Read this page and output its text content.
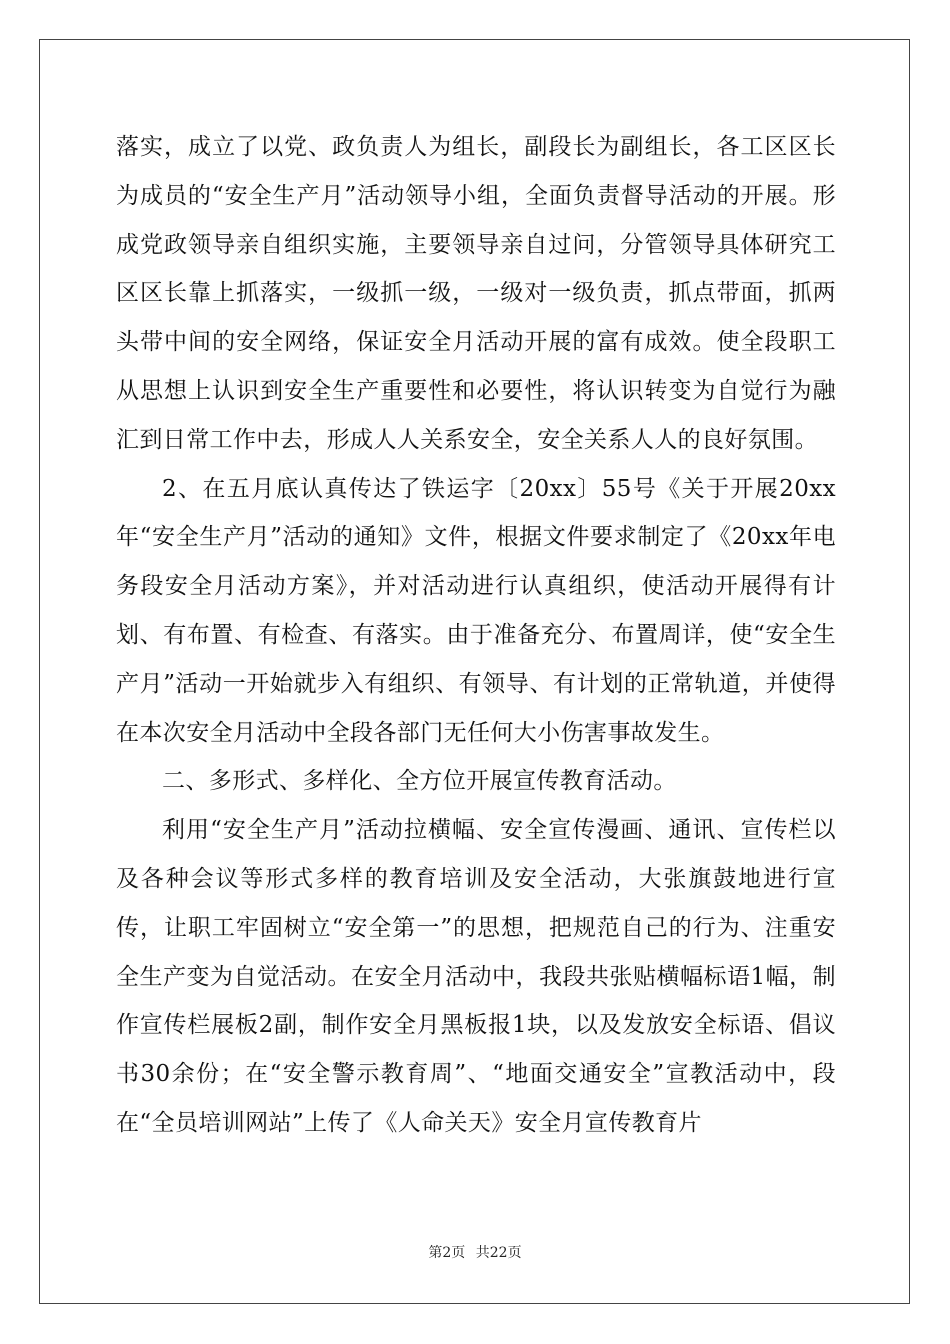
落实，成立了以党、政负责人为组长，副段长为副组长，各工区区长为成员的“安全生产月”活动领导小组，全面负责督导活动的开展。形成党政领导亲自组织实施，主要领导亲自过问，分管领导具体研究工区区长靠上抓落实，一级抓一级，一级对一级负责，抓点带面，抓两头带中间的安全网络，保证安全月活动开展的富有成效。使全段职工从思想上认识到安全生产重要性和必要性，将认识转变为自觉行为融汇到日常工作中去，形成人人关系安全，安全关系人人的良好氛围。

2、在五月底认真传达了铁运字〔20xx〕55号《关于开展20xx年“安全生产月”活动的通知》文件，根据文件要求制定了《20xx年电务段安全月活动方案》，并对活动进行认真组织，使活动开展得有计划、有布置、有检查、有落实。由于准备充分、布置周详，使“安全生产月”活动一开始就步入有组织、有领导、有计划的正常轨道，并使得在本次安全月活动中全段各部门无任何大小伤害事故发生。

二、多形式、多样化、全方位开展宣传教育活动。

利用“安全生产月”活动拉横幅、安全宣传漫画、通讯、宣传栏以及各种会议等形式多样的教育培训及安全活动，大张旗鼓地进行宣传，让职工牢固树立“安全第一”的思想，把规范自己的行为、注重安全生产变为自觉活动。在安全月活动中，我段共张贴横幅标语1幅，制作宣传栏展板2副，制作安全月黑板报1块，以及发放安全标语、倡议书30余份；在“安全警示教育周”、“地面交通安全”宣教活动中，段在“全员培训网站”上传了《人命关天》安全月宣传教育片

第2页 共22页
